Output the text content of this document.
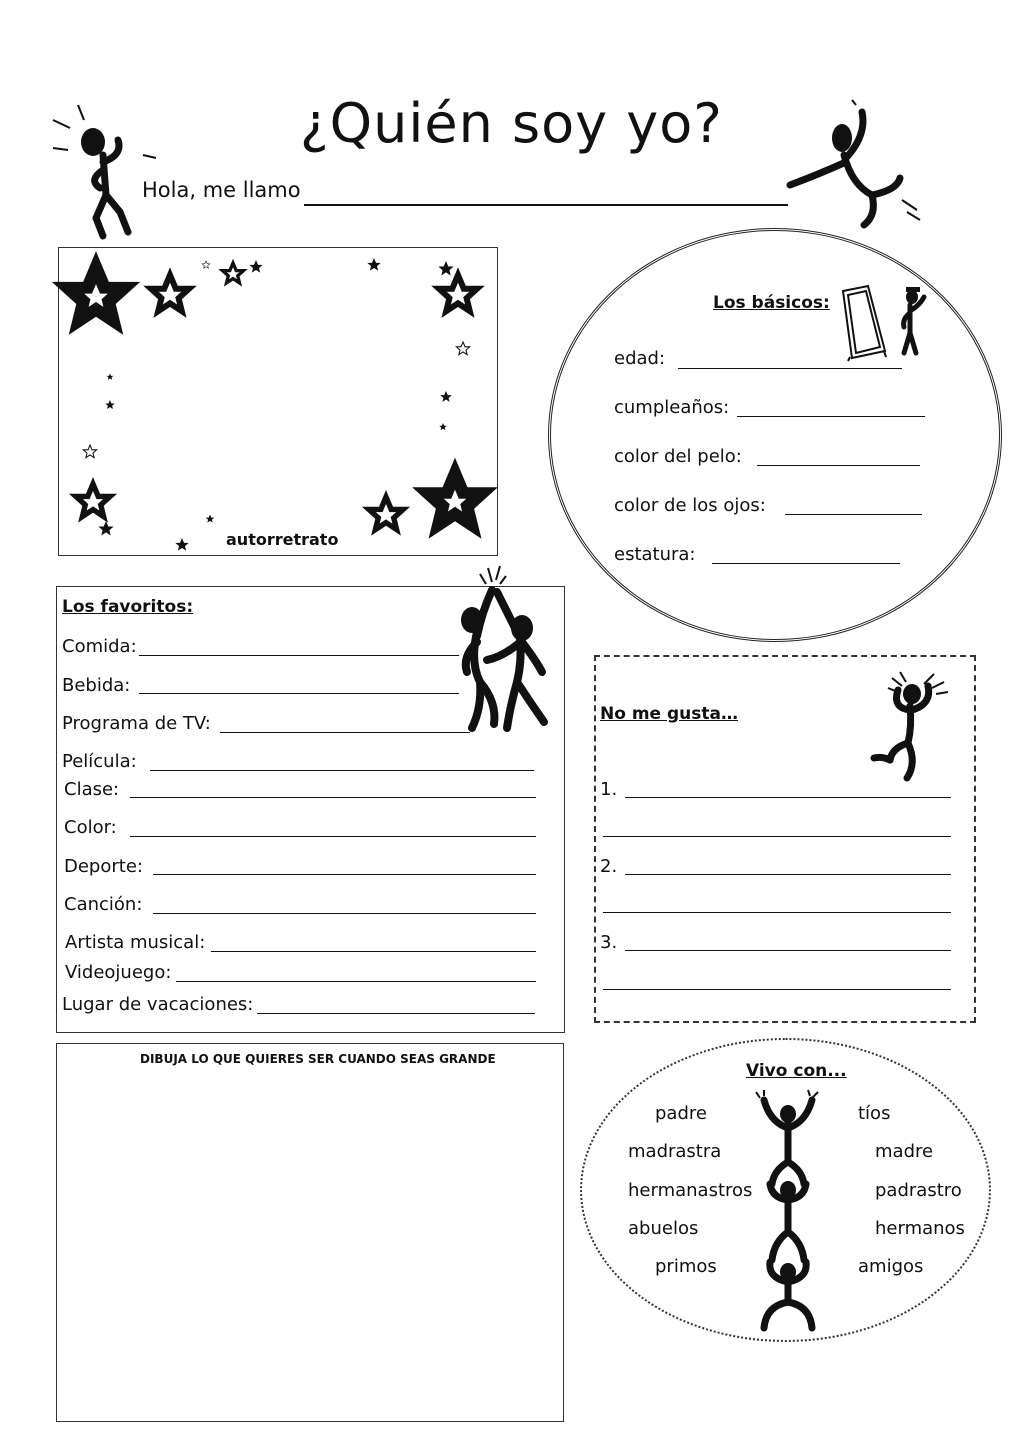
¿Quién soy yo?
Hola, me llamo
autorretrato
Los básicos:
edad:
cumpleaños:
color del pelo:
color de los ojos:
estatura:
Los favoritos:
Comida:
Bebida:
Programa de TV:
Película:
Clase:
Color:
Deporte:
Canción:
Artista musical:
Videojuego:
Lugar de vacaciones:
No me gusta…
1.
2.
3.
DIBUJA LO QUE QUIERES SER CUANDO SEAS GRANDE
Vivo con...
padre
madrastra
hermanastros
abuelos
primos
tíos
madre
padrastro
hermanos
amigos
